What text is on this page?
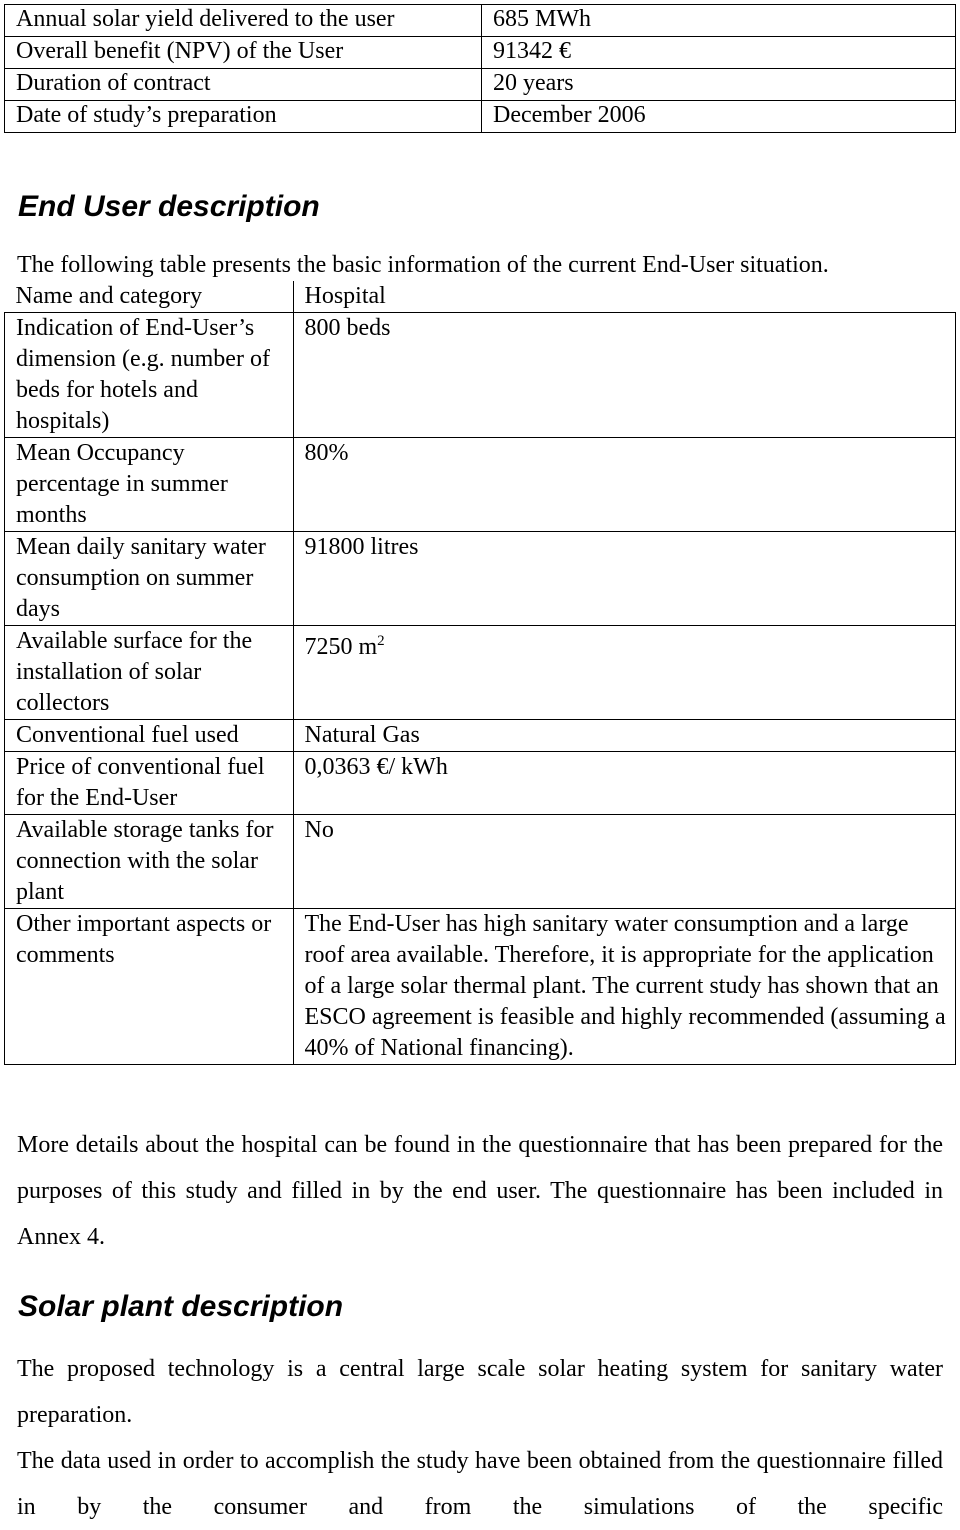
Annual solar yield delivered to the user	685 MWh
Overall benefit (NPV) of the User	91342 €
Duration of contract	20 years
Date of study’s preparation	December 2006
End User description

The following table presents the basic information of the current End-User situation.

Name and category	Hospital
Indication of End-User’s dimension (e.g. number of beds for hotels and hospitals)	800 beds
Mean Occupancy percentage in summer months	80%
Mean daily sanitary water consumption on summer days	91800 litres
Available surface for the installation of solar collectors	7250 $m^2$
Conventional fuel used	Natural Gas
Price of conventional fuel for the End-User	0,0363 €/ kWh
Available storage tanks for connection with the solar plant	No
Other important aspects or comments	The End-User has high sanitary water consumption and a large roof area available. Therefore, it is appropriate for the application of a large solar thermal plant. The current study has shown that an ESCO agreement is feasible and highly recommended (assuming a 40% of National financing).

More details about the hospital can be found in the questionnaire that has been prepared for the purposes of this study and filled in by the end user. The questionnaire has been included in Annex 4.

Solar plant description

The proposed technology is a central large scale solar heating system for sanitary water preparation.

The data used in order to accomplish the study have been obtained from the questionnaire filled in by the consumer and from the simulations of the specific
